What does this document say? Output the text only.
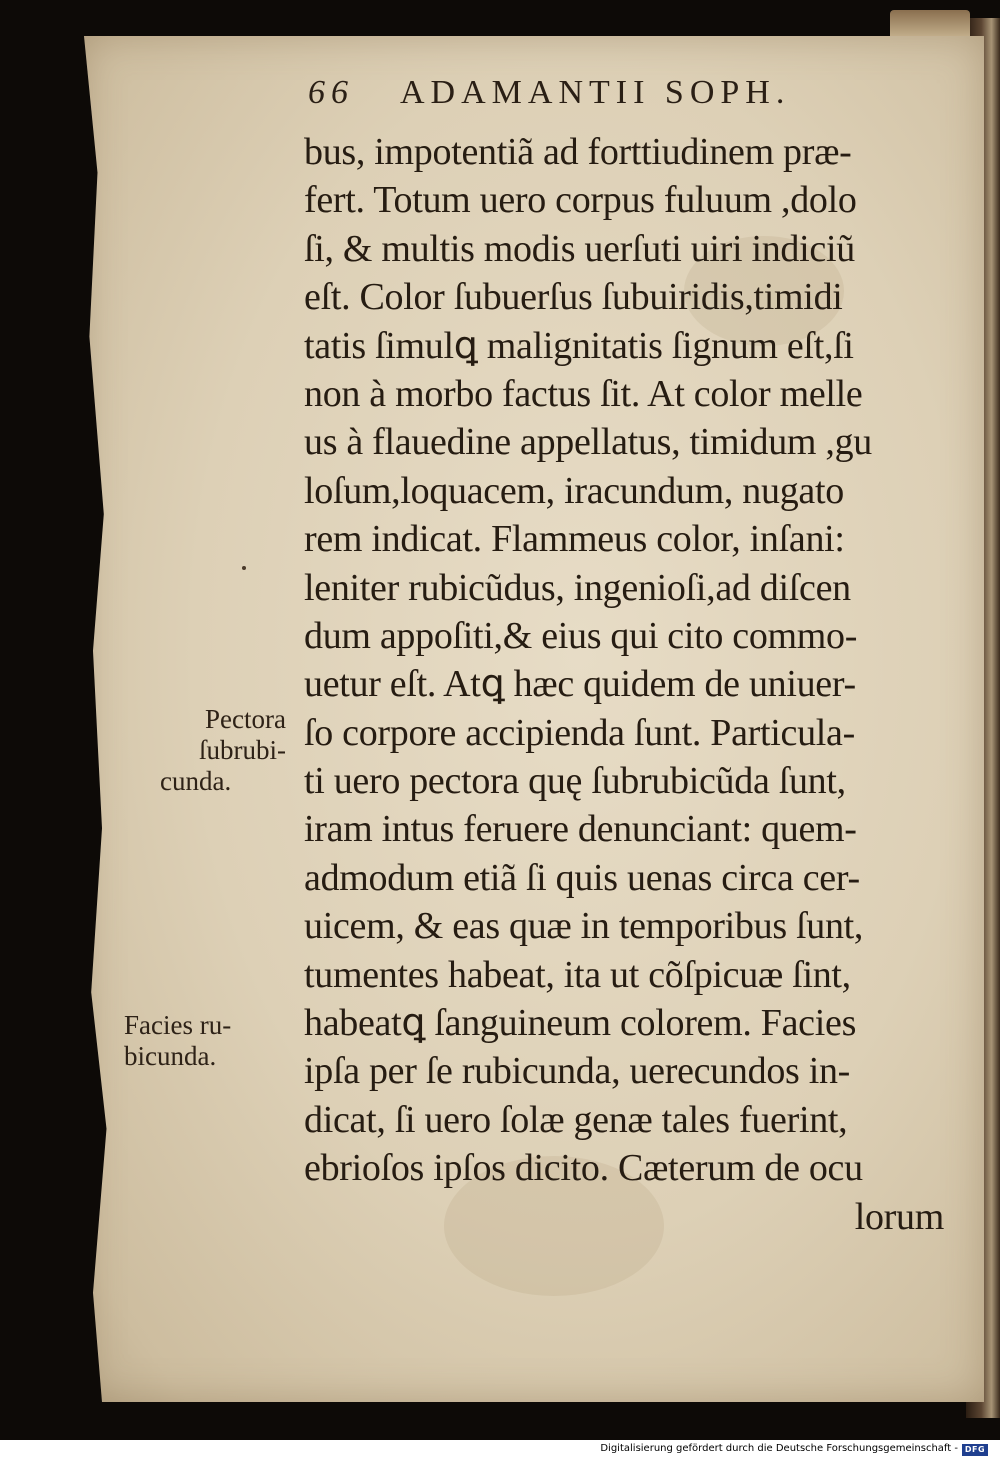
66 ADAMANTII SOPH.
bus, impotentiã ad forttiudinem præ-
fert. Totum uero corpus fuluum ,dolo
ſi, & multis modis uerſuti uiri indiciũ
eſt. Color ſubuerſus ſubuiridis,timidi
tatis ſimulꝗ malignitatis ſignum eſt,ſi
non à morbo factus ſit. At color melle
us à flauedine appellatus, timidum ,gu
loſum,loquacem, iracundum, nugato
rem indicat. Flammeus color, inſani:
leniter rubicũdus, ingenioſi,ad diſcen
dum appoſiti,& eius qui cito commo-
uetur eſt. Atꝗ hæc quidem de uniuer-
ſo corpore accipienda ſunt. Particula-
ti uero pectora quę ſubrubicũda ſunt,
iram intus feruere denunciant: quem-
admodum etiã ſi quis uenas circa cer-
uicem, & eas quæ in temporibus ſunt,
tumentes habeat, ita ut cõſpicuæ ſint,
habeatꝗ ſanguineum colorem. Facies
ipſa per ſe rubicunda, uerecundos in-
dicat, ſi uero ſolæ genæ tales fuerint,
ebrioſos ipſos dicito. Cæterum de ocu
lorum
Pectora
ſubrubi-
cunda.
Facies ru-
bicunda.
Digitalisierung gefördert durch die Deutsche Forschungsgemeinschaft - DFG
